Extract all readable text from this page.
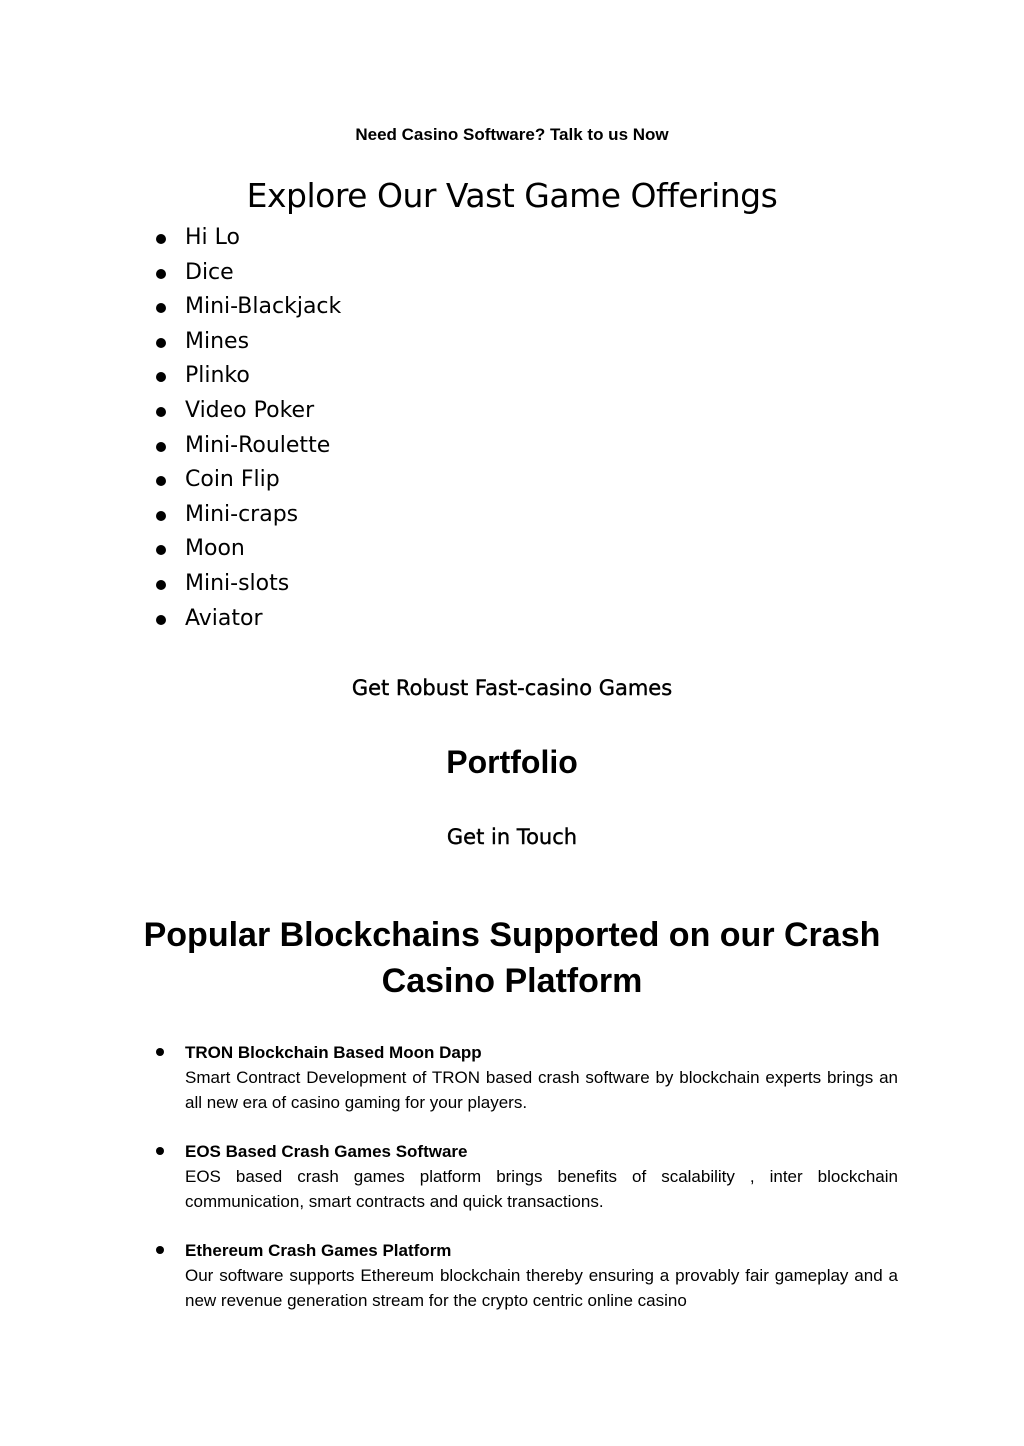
Need Casino Software? Talk to us Now
Explore Our Vast Game Offerings
Hi Lo
Dice
Mini-Blackjack
Mines
Plinko
Video Poker
Mini-Roulette
Coin Flip
Mini-craps
Moon
Mini-slots
Aviator
Get Robust Fast-casino Games
Portfolio
Get in Touch
Popular Blockchains Supported on our Crash Casino Platform
TRON Blockchain Based Moon Dapp
Smart Contract Development of TRON based crash software by blockchain experts brings an all new era of casino gaming for your players.
EOS Based Crash Games Software
EOS based crash games platform brings benefits of scalability , inter blockchain communication, smart contracts and quick transactions.
Ethereum Crash Games Platform
Our software supports Ethereum blockchain thereby ensuring a provably fair gameplay and a new revenue generation stream for the crypto centric online casino
